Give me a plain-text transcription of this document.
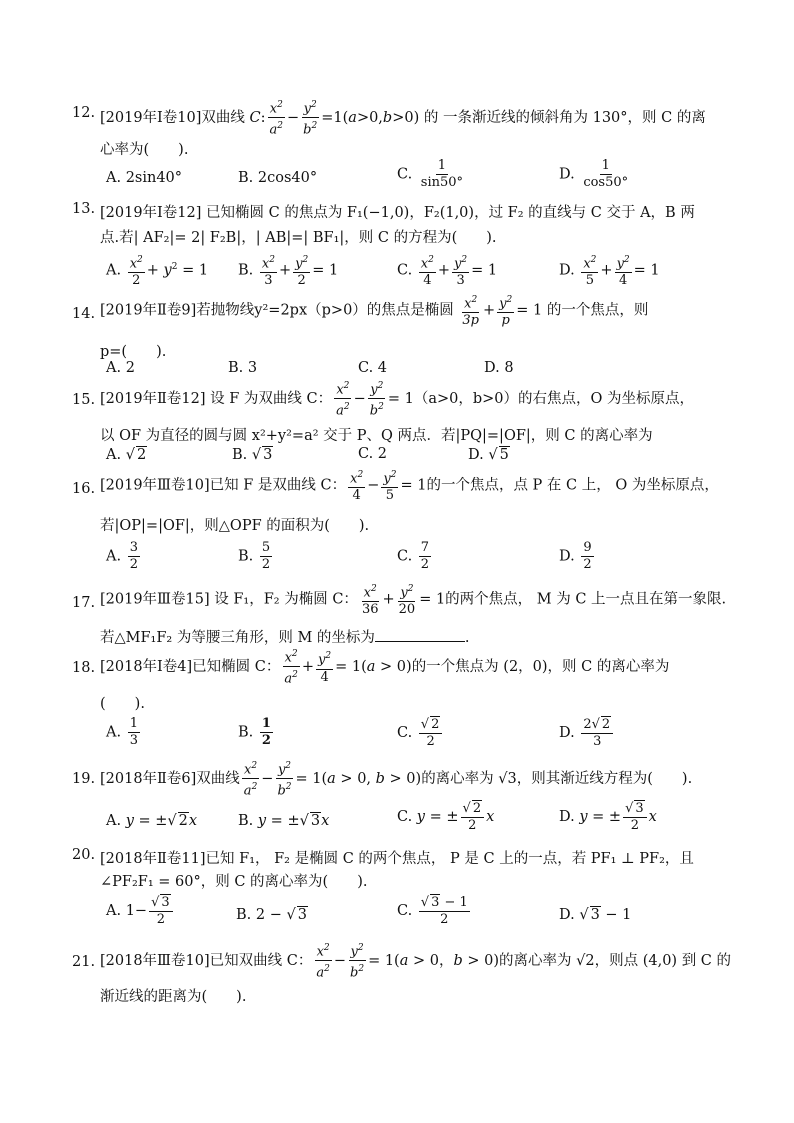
12. [2019年Ⅰ卷10]双曲线 C: $\frac{x^2}{a^2} - \frac{y^2}{b^2} =1(a>0,b>0)$ 的 一条渐近线的倾斜角为 130°，则 C 的离
心率为(　　).
A. 2sin40°	B. 2cos40°	C. $\frac{1}{\sin 50^\circ}$	D. $\frac{1}{\cos 50^\circ}$
13. [2019年Ⅰ卷12] 已知椭圆 C 的焦点为 F₁(−1,0)，F₂(1,0)，过 F₂ 的直线与 C 交于 A，B 两
点.若| AF₂|= 2| F₂B|，| AB|=| BF₁|，则 C 的方程为(　　).
A. $\frac{x^2}{2} + y^2 = 1$ B. $\frac{x^2}{3} + \frac{y^2}{2} = 1$	C. $\frac{x^2}{4} + \frac{y^2}{3} = 1$	D. $\frac{x^2}{5} + \frac{y^2}{4} = 1$
14. [2019年Ⅱ卷9]若抛物线y²=2px（p>0）的焦点是椭圆 $\frac{x^2}{3p} + \frac{y^2}{p} = 1$ 的一个焦点，则
p=(　　).
A. 2	B. 3	C. 4	D. 8
15. [2019年Ⅱ卷12] 设 F 为双曲线 C： $\frac{x^2}{a^2} - \frac{y^2}{b^2} = 1(a>0$，b>0）的右焦点，O 为坐标原点，
以 OF 为直径的圆与圆 x²+y²=a² 交于 P、Q 两点．若|PQ|=|OF|，则 C 的离心率为
A. √ 2	B. √ 3	C. 2	D. √ 5
16. [2019年Ⅲ卷10]已知 F 是双曲线 C： $\frac{x^2}{4} - \frac{y^2}{5} = 1$的一个焦点，点 P 在 C 上， O 为坐标原点，
若|OP|=|OF|，则△OPF 的面积为(　　).
A. $\frac{3}{2}$	B. $\frac{5}{2}$	C. $\frac{7}{2}$	D. $\frac{9}{2}$
17. [2019年Ⅲ卷15] 设 F₁，F₂ 为椭圆 C： $\frac{x^2}{36} + \frac{y^2}{20} = 1$的两个焦点， M 为 C 上一点且在第一象限.
若△MF₁F₂ 为等腰三角形，则 M 的坐标为	.
18. [2018年Ⅰ卷4]已知椭圆 C： $\frac{x^2}{a^2} + \frac{y^2}{4} = 1(a > 0)$的一个焦点为 (2，0)，则 C 的离心率为
(　　).
A. $\frac{1}{3}$	B. $\frac{1}{2}$	C. $\frac{√ 2}{2}$	D. $\frac{2√ 2}{3}$
19. [2018年Ⅱ卷6]双曲线 $\frac{x^2}{a^2} - \frac{y^2}{b^2} = 1(a > 0$, b > 0)的离心率为 √3，则其渐近线方程为(　　).
A. y = ±√ 2x	B. y = ±√ 3x	C. y = ± $\frac{√ 2}{2}$ x	D. y = ± $\frac{√ 3}{2}$ x
20. [2018年Ⅱ卷11]已知 F₁， F₂ 是椭圆 C 的两个焦点， P 是 C 上的一点，若 PF₁ ⊥ PF₂，且
∠PF₂F₁ = 60°，则 C 的离心率为(　　).
A. $1- \frac{√ 3}{2}$	B. 2 − √ 3	C. $\frac{√ 3 - 1}{2}$	D. √ 3 − 1
21. [2018年Ⅲ卷10]已知双曲线 C： $\frac{x^2}{a^2} - \frac{y^2}{b^2} = 1(a > 0$，b > 0)的离心率为 √2，则点 (4,0) 到 C 的
渐近线的距离为(　　).
